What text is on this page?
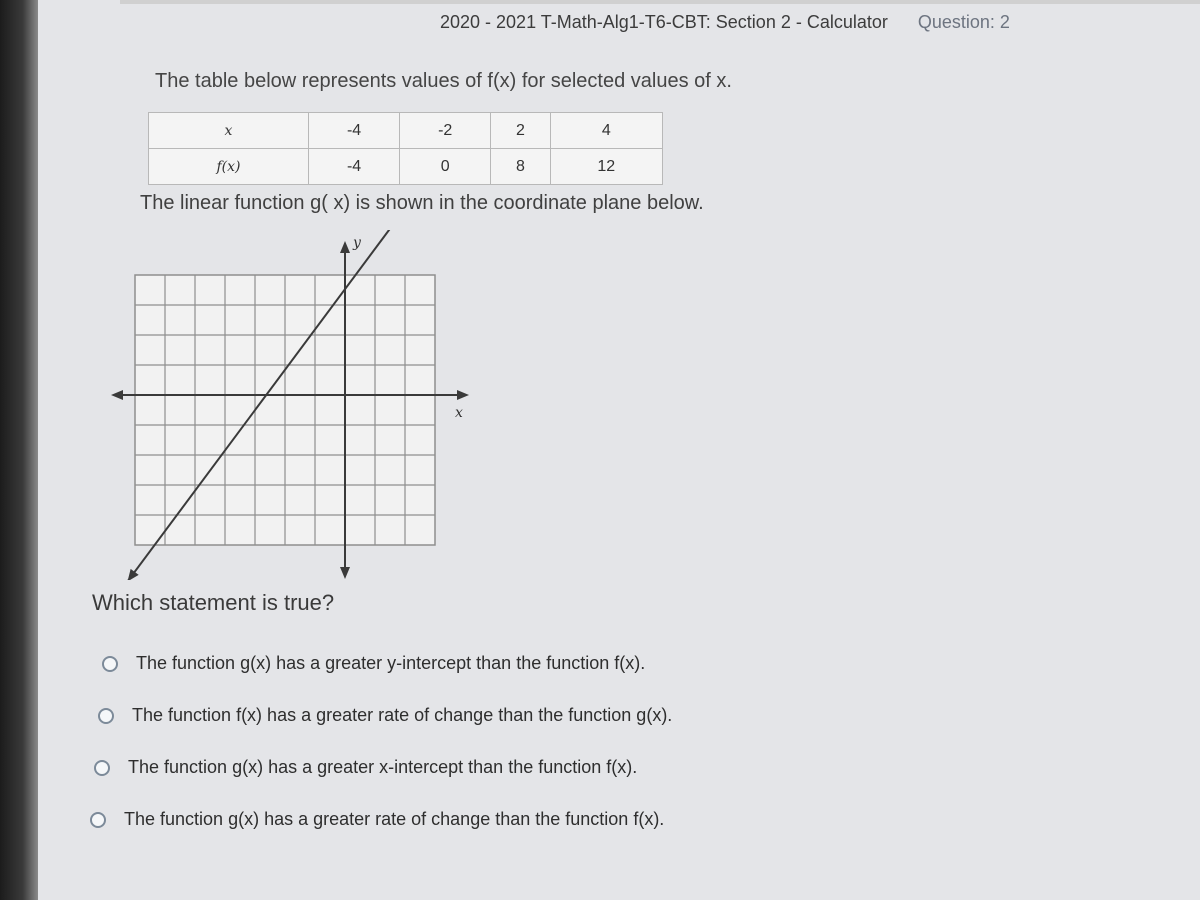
2020 - 2021 T-Math-Alg1-T6-CBT: Section 2 - Calculator Question: 2
The table below represents values of f(x) for selected values of x.
x	-4	-2	2	4
f(x)	-4	0	8	12
The linear function g( x) is shown in the coordinate plane below.
y
x
Which statement is true?
The function g(x) has a greater y-intercept than the function f(x).
The function f(x) has a greater rate of change than the function g(x).
The function g(x) has a greater x-intercept than the function f(x).
The function g(x) has a greater rate of change than the function f(x).
